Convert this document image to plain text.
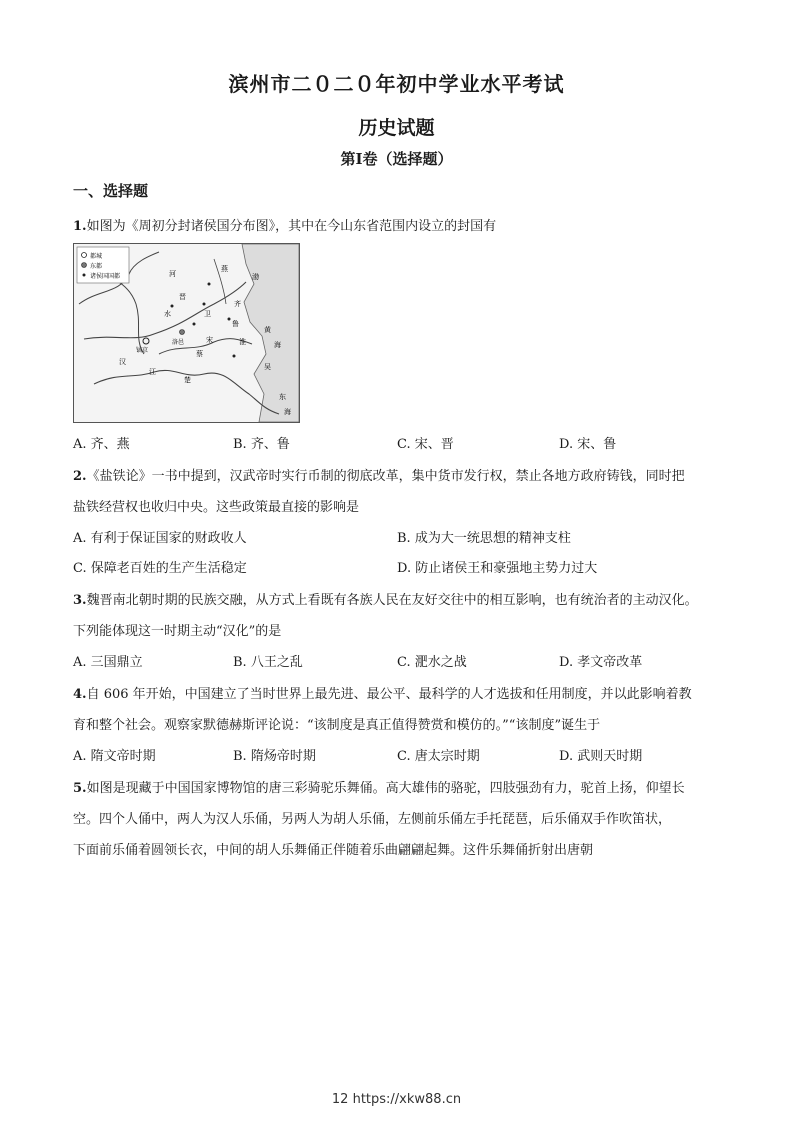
滨州市二０二０年初中学业水平考试
历史试题
第Ⅰ卷（选择题）
一、选择题
1.如图为《周初分封诸侯国分布图》，其中在今山东省范围内设立的封国有
都城
东都
诸侯国国都
燕
卫
晋
齐
鲁
宋
蔡
楚
吴
洛邑
镐京
黄
海
东
江
水
海
渤
河
淮
汉
A. 齐、燕	B. 齐、鲁	C. 宋、晋	D. 宋、鲁
2.《盐铁论》一书中提到，汉武帝时实行币制的彻底改革，集中货市发行权，禁止各地方政府铸钱，同时把
盐铁经营权也收归中央。这些政策最直接的影响是
A. 有利于保证国家的财政收人	B. 成为大一统思想的精神支柱
C. 保障老百姓的生产生活稳定	D. 防止诸侯王和豪强地主势力过大
3.魏晋南北朝时期的民族交融，从方式上看既有各族人民在友好交往中的相互影响，也有统治者的主动汉化。
下列能体现这一时期主动“汉化”的是
A. 三国鼎立	B. 八王之乱	C. 淝水之战	D. 孝文帝改革
4.自 606 年开始，中国建立了当时世界上最先进、最公平、最科学的人才选拔和任用制度，并以此影响着教
育和整个社会。观察家默德赫斯评论说：“该制度是真正值得赞赏和模仿的。”“该制度”诞生于
A. 隋文帝时期	B. 隋炀帝时期	C. 唐太宗时期	D. 武则天时期
5.如图是现藏于中国国家博物馆的唐三彩骑驼乐舞俑。高大雄伟的骆驼，四肢强劲有力，驼首上扬，仰望长
空。四个人俑中，两人为汉人乐俑，另两人为胡人乐俑，左侧前乐俑左手托琵琶，后乐俑双手作吹笛状，
下面前乐俑着圆领长衣，中间的胡人乐舞俑正伴随着乐曲翩翩起舞。这件乐舞俑折射出唐朝
12 https://xkw88.cn
